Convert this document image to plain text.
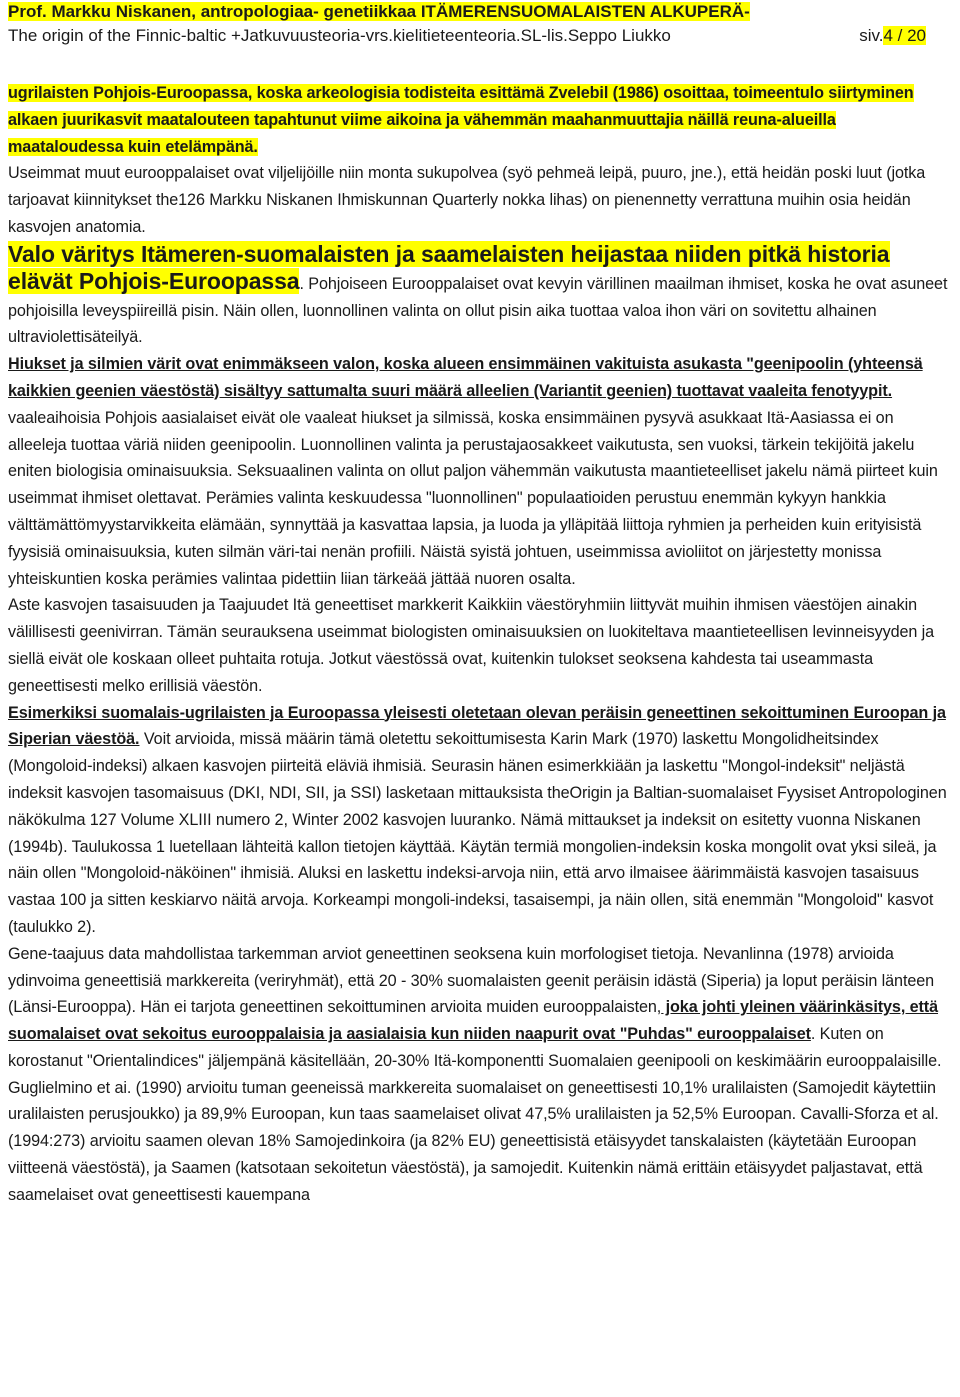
Prof. Markku Niskanen, antropologiaa- genetiikkaa ITÄMERENSUOMALAISTEN ALKUPERÄ-
The origin of the Finnic-baltic +Jatkuvuusteoria-vrs.kielitieteenteoria.SL-lis.Seppo Liukko	siv.4 / 20

ugrilaisten Pohjois-Euroopassa, koska arkeologisia todisteita esittämä Zvelebil (1986) osoittaa, toimeentulo siirtyminen alkaen juurikasvit maatalouteen tapahtunut viime aikoina ja vähemmän maahanmuuttajia näillä reuna-alueilla maataloudessa kuin etelämpänä.

Useimmat muut eurooppalaiset ovat viljelijöille niin monta sukupolvea (syö pehmeä leipä, puuro, jne.), että heidän poski luut (jotka tarjoavat kiinnitykset the126 Markku Niskanen Ihmiskunnan Quarterly nokka lihas) on pienennetty verrattuna muihin osia heidän kasvojen anatomia.

Valo väritys Itämeren-suomalaisten ja saamelaisten heijastaa niiden pitkä historia
elävät Pohjois-Euroopassa. Pohjoiseen Eurooppalaiset ovat kevyin värillinen maailman ihmiset, koska he ovat asuneet pohjoisilla leveyspiireillä pisin. Näin ollen, luonnollinen valinta on ollut pisin aika tuottaa valoa ihon väri on sovitettu alhainen ultraviolettisäteilyä.

Hiukset ja silmien värit ovat enimmäkseen valon, koska alueen ensimmäinen vakituista asukasta "geenipoolin (yhteensä kaikkien geenien väestöstä) sisältyy sattumalta suuri määrä alleelien (Variantit geenien) tuottavat vaaleita fenotyypit. vaaleaihoisia Pohjois aasialaiset eivät ole vaaleat hiukset ja silmissä, koska ensimmäinen pysyvä asukkaat Itä-Aasiassa ei on alleeleja tuottaa väriä niiden geenipoolin. Luonnollinen valinta ja perustajaosakkeet vaikutusta, sen vuoksi, tärkein tekijöitä jakelu eniten biologisia ominaisuuksia. Seksuaalinen valinta on ollut paljon vähemmän vaikutusta maantieteelliset jakelu nämä piirteet kuin useimmat ihmiset olettavat. Perämies valinta keskuudessa "luonnollinen" populaatioiden perustuu enemmän kykyyn hankkia välttämättömyystarvikkeita elämään, synnyttää ja kasvattaa lapsia, ja luoda ja ylläpitää liittoja ryhmien ja perheiden kuin erityisistä fyysisiä ominaisuuksia, kuten silmän väri-tai nenän profiili. Näistä syistä johtuen, useimmissa avioliitot on järjestetty monissa yhteiskuntien koska perämies valintaa pidettiin liian tärkeää jättää nuoren osalta.

Aste kasvojen tasaisuuden ja Taajuudet Itä geneettiset markkerit Kaikkiin väestöryhmiin liittyvät muihin ihmisen väestöjen ainakin välillisesti geenivirran. Tämän seurauksena useimmat biologisten ominaisuuksien on luokiteltava maantieteellisen levinneisyyden ja siellä eivät ole koskaan olleet puhtaita rotuja. Jotkut väestössä ovat, kuitenkin tulokset seoksena kahdesta tai useammasta geneettisesti melko erillisiä väestön.

Esimerkiksi suomalais-ugrilaisten ja Euroopassa yleisesti oletetaan olevan peräisin geneettinen sekoittuminen Euroopan ja Siperian väestöä. Voit arvioida, missä määrin tämä oletettu sekoittumisesta Karin Mark (1970) laskettu Mongolidheitsindex (Mongoloid-indeksi) alkaen kasvojen piirteitä eläviä ihmisiä. Seurasin hänen esimerkkiään ja laskettu "Mongol-indeksit" neljästä indeksit kasvojen tasomaisuus (DKI, NDI, SII, ja SSI) lasketaan mittauksista theOrigin ja Baltian-suomalaiset Fyysiset Antropologinen näkökulma 127 Volume XLIII numero 2, Winter 2002 kasvojen luuranko. Nämä mittaukset ja indeksit on esitetty vuonna Niskanen (1994b). Taulukossa 1 luetellaan lähteitä kallon tietojen käyttää. Käytän termiä mongolien-indeksin koska mongolit ovat yksi sileä, ja näin ollen "Mongoloid-näköinen" ihmisiä. Aluksi en laskettu indeksi-arvoja niin, että arvo ilmaisee äärimmäistä kasvojen tasaisuus vastaa 100 ja sitten keskiarvo näitä arvoja. Korkeampi mongoli-indeksi, tasaisempi, ja näin ollen, sitä enemmän "Mongoloid" kasvot (taulukko 2).

Gene-taajuus data mahdollistaa tarkemman arviot geneettinen seoksena kuin morfologiset tietoja. Nevanlinna (1978) arvioida ydinvoima geneettisiä markkereita (veriryhmät), että 20 - 30% suomalaisten geenit peräisin idästä (Siperia) ja loput peräisin länteen (Länsi-Eurooppa). Hän ei tarjota geneettinen sekoittuminen arvioita muiden eurooppalaisten, joka johti yleinen väärinkäsitys, että suomalaiset ovat sekoitus eurooppalaisia ja aasialaisia kun niiden naapurit ovat "Puhdas" eurooppalaiset. Kuten on korostanut "Orientalindices" jäljempänä käsitellään, 20-30% Itä-komponentti Suomalaien geenipooli on keskimäärin eurooppalaisille.

Guglielmino et ai. (1990) arvioitu tuman geeneissä markkereita suomalaiset on geneettisesti 10,1% uralilaisten (Samojedit käytettiin uralilaisten perusjoukko) ja 89,9% Euroopan, kun taas saamelaiset olivat 47,5% uralilaisten ja 52,5% Euroopan. Cavalli-Sforza et al. (1994:273) arvioitu saamen olevan 18% Samojedinkoira (ja 82% EU) geneettisistä etäisyydet tanskalaisten (käytetään Euroopan viitteenä väestöstä), ja Saamen (katsotaan sekoitetun väestöstä), ja samojedit. Kuitenkin nämä erittäin etäisyydet paljastavat, että saamelaiset ovat geneettisesti kauempana
